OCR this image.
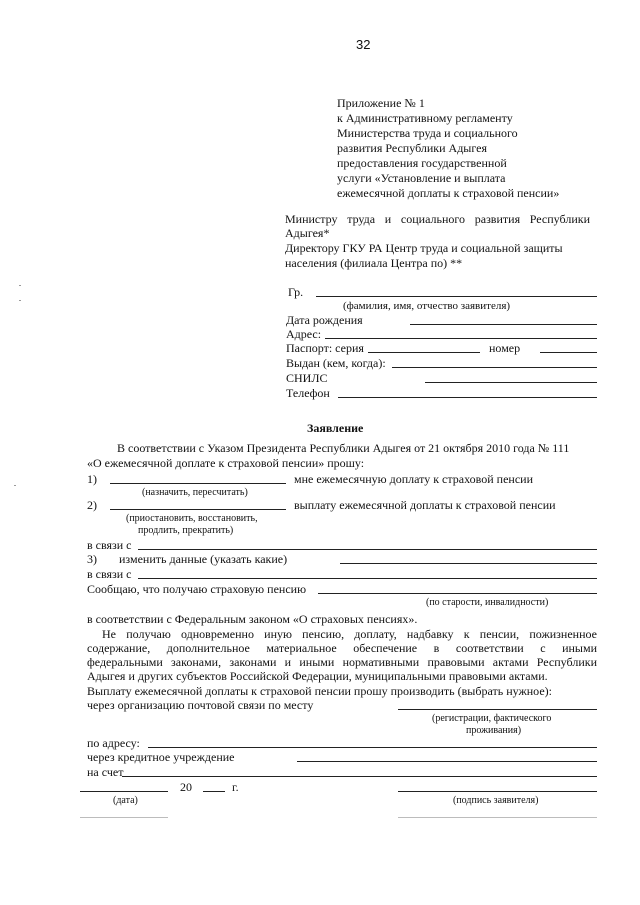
32
Приложение № 1
к Административному регламенту
Министерства труда и социального
развития Республики Адыгея
предоставления государственной
услуги «Установление и выплата
ежемесячной доплаты к страховой пенсии»
Министру труда и социального развития Республики
Адыгея*
Директору ГКУ РА Центр труда и социальной защиты
населения (филиала Центра по) **
Гр.
(фамилия, имя, отчество заявителя)
Дата рождения
Адрес:
Паспорт: серия	номер
Выдан (кем, когда):
СНИЛС
Телефон
Заявление
В соответствии с Указом Президента Республики Адыгея от 21 октября 2010 года № 111
«О ежемесячной доплате к страховой пенсии» прошу:
1)	мне ежемесячную доплату к страховой пенсии
(назначить, пересчитать)
2)	выплату ежемесячной доплаты к страховой пенсии
(приостановить, восстановить,
продлить, прекратить)
в связи с
3) изменить данные (указать какие)
в связи с
Сообщаю, что получаю страховую пенсию
(по старости, инвалидности)
в соответствии с Федеральным законом «О страховых пенсиях».
Не получаю одновременно иную пенсию, доплату, надбавку к пенсии, пожизненное
содержание, дополнительное материальное обеспечение в соответствии с иными
федеральными законами, законами и иными нормативными правовыми актами Республики
Адыгея и других субъектов Российской Федерации, муниципальными правовыми актами.
Выплату ежемесячной доплаты к страховой пенсии прошу производить (выбрать нужное):
через организацию почтовой связи по месту
(регистрации, фактического
проживания)
по адресу:
через кредитное учреждение
на счет
20	г.
(дата)	(подпись заявителя)
